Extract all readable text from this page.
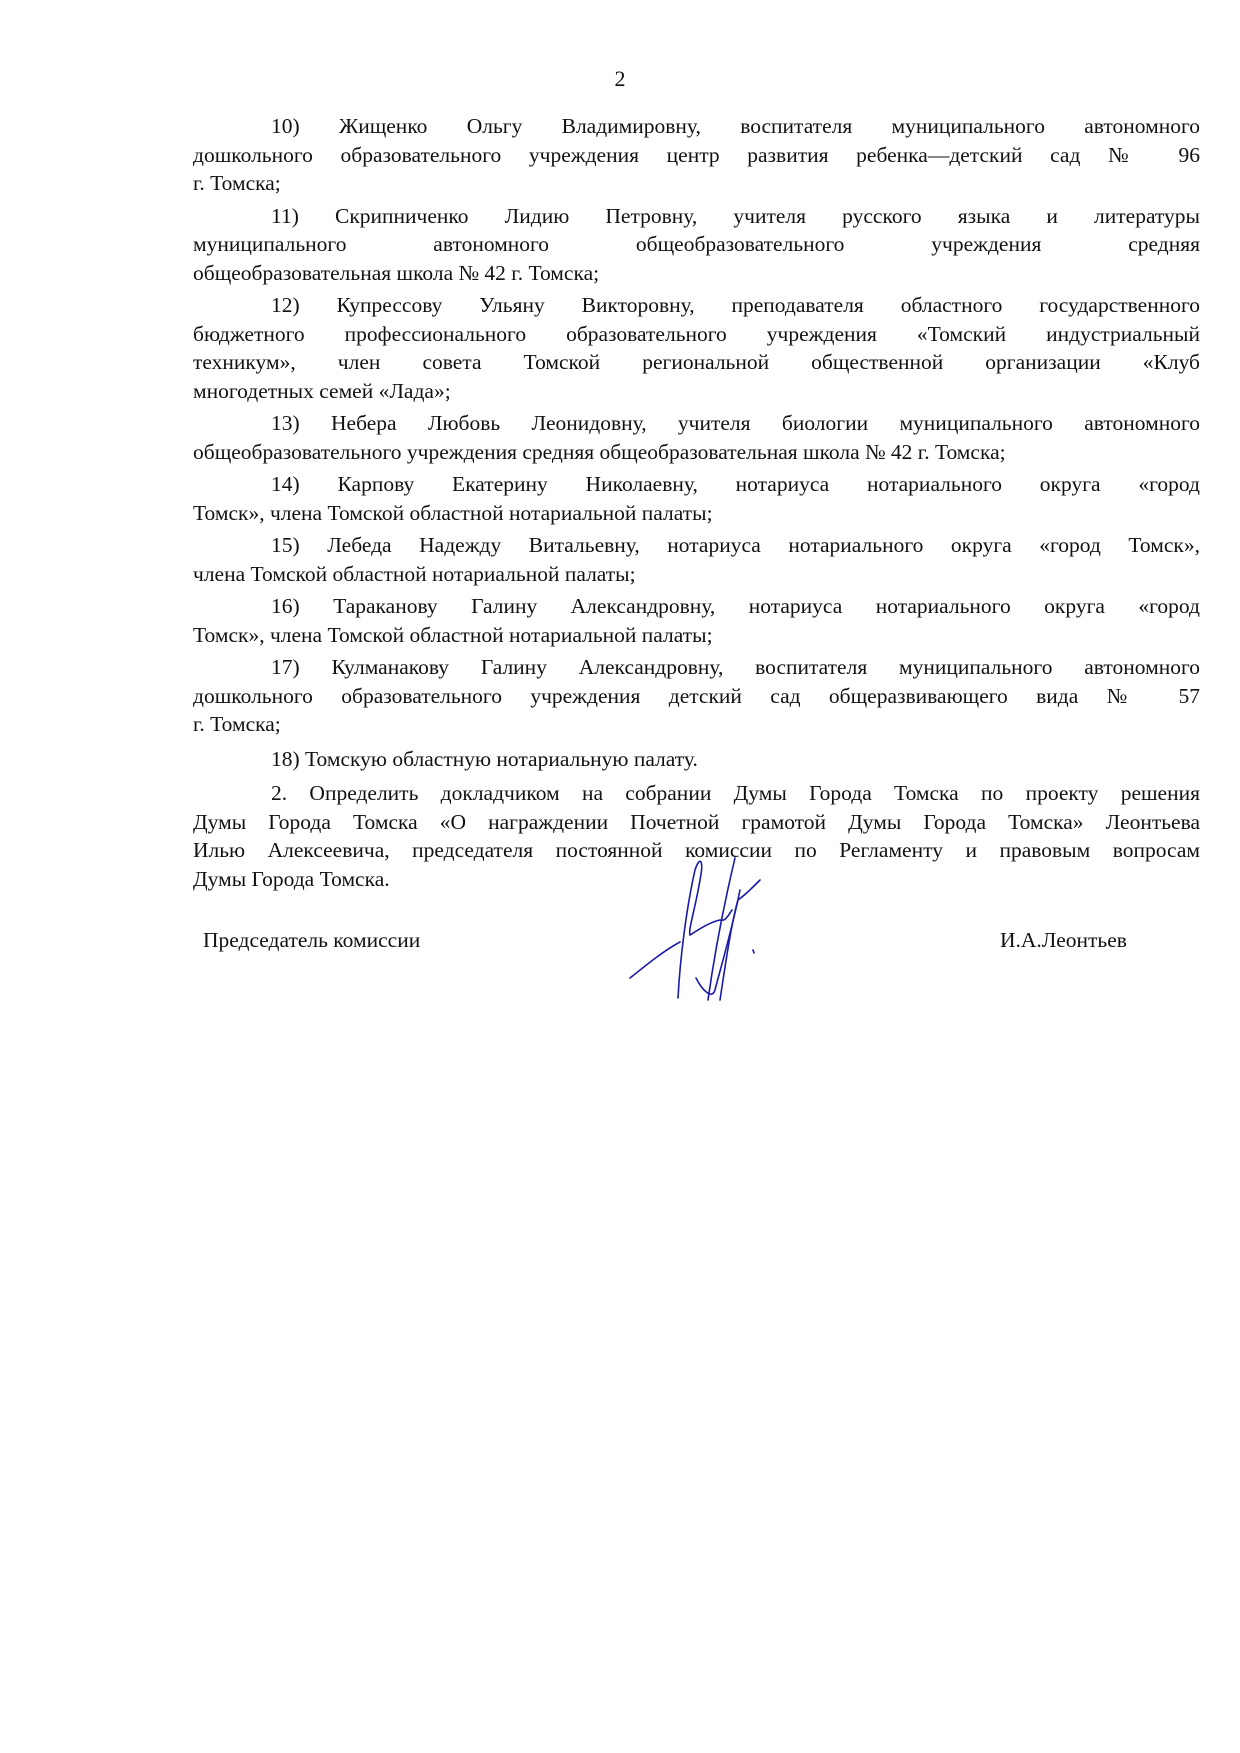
2
10) Жищенко Ольгу Владимировну, воспитателя муниципального автономного
дошкольного образовательного учреждения центр развития ребенка—детский сад № 96
г. Томска;
11) Скрипниченко Лидию Петровну, учителя русского языка и литературы
муниципального автономного общеобразовательного учреждения средняя
общеобразовательная школа № 42 г. Томска;
12) Купрессову Ульяну Викторовну, преподавателя областного государственного
бюджетного профессионального образовательного учреждения «Томский индустриальный
техникум», член совета Томской региональной общественной организации «Клуб
многодетных семей «Лада»;
13) Небера Любовь Леонидовну, учителя биологии муниципального автономного
общеобразовательного учреждения средняя общеобразовательная школа № 42 г. Томска;
14) Карпову Екатерину Николаевну, нотариуса нотариального округа «город
Томск», члена Томской областной нотариальной палаты;
15) Лебеда Надежду Витальевну, нотариуса нотариального округа «город Томск»,
члена Томской областной нотариальной палаты;
16) Тараканову Галину Александровну, нотариуса нотариального округа «город
Томск», члена Томской областной нотариальной палаты;
17) Кулманакову Галину Александровну, воспитателя муниципального автономного
дошкольного образовательного учреждения детский сад общеразвивающего вида № 57
г. Томска;
18) Томскую областную нотариальную палату.
2. Определить докладчиком на собрании Думы Города Томска по проекту решения
Думы Города Томска «О награждении Почетной грамотой Думы Города Томска» Леонтьева
Илью Алексеевича, председателя постоянной комиссии по Регламенту и правовым вопросам
Думы Города Томска.
Председатель комиссии	И.А.Леонтьев
